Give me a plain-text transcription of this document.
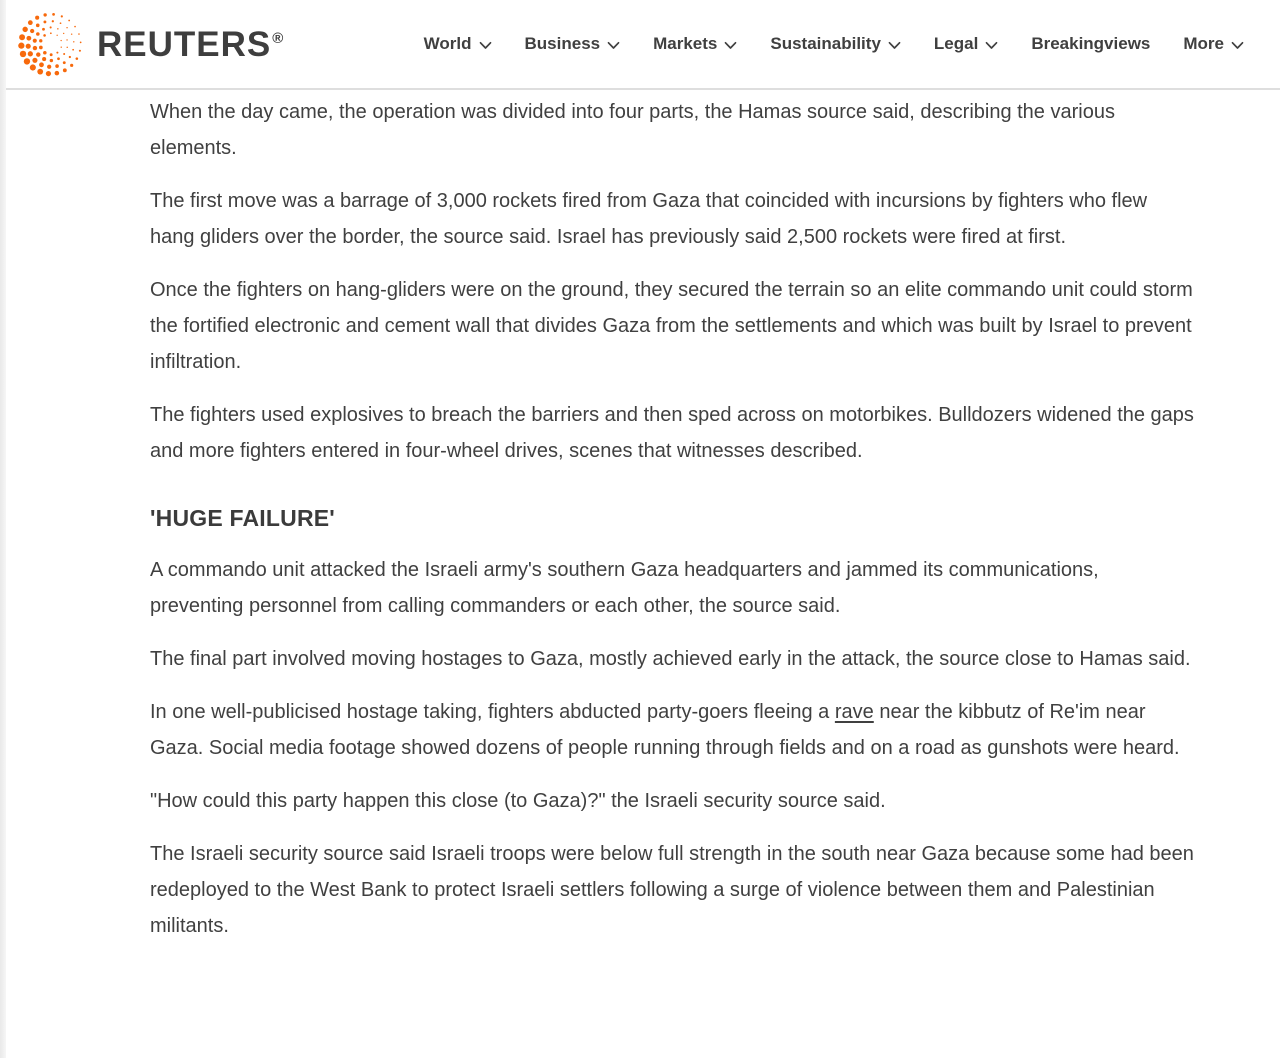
REUTERS®	World	Business	Markets	Sustainability	Legal	Breakingviews More

When the day came, the operation was divided into four parts, the Hamas source said, describing the various elements.

The first move was a barrage of 3,000 rockets fired from Gaza that coincided with incursions by fighters who flew hang gliders over the border, the source said. Israel has previously said 2,500 rockets were fired at first.

Once the fighters on hang-gliders were on the ground, they secured the terrain so an elite commando unit could storm the fortified electronic and cement wall that divides Gaza from the settlements and which was built by Israel to prevent infiltration.

The fighters used explosives to breach the barriers and then sped across on motorbikes. Bulldozers widened the gaps and more fighters entered in four-wheel drives, scenes that witnesses described.

'HUGE FAILURE'

A commando unit attacked the Israeli army's southern Gaza headquarters and jammed its communications, preventing personnel from calling commanders or each other, the source said.

The final part involved moving hostages to Gaza, mostly achieved early in the attack, the source close to Hamas said.

In one well-publicised hostage taking, fighters abducted party-goers fleeing a rave near the kibbutz of Re'im near Gaza. Social media footage showed dozens of people running through fields and on a road as gunshots were heard.

"How could this party happen this close (to Gaza)?" the Israeli security source said.

The Israeli security source said Israeli troops were below full strength in the south near Gaza because some had been redeployed to the West Bank to protect Israeli settlers following a surge of violence between them and Palestinian militants.
